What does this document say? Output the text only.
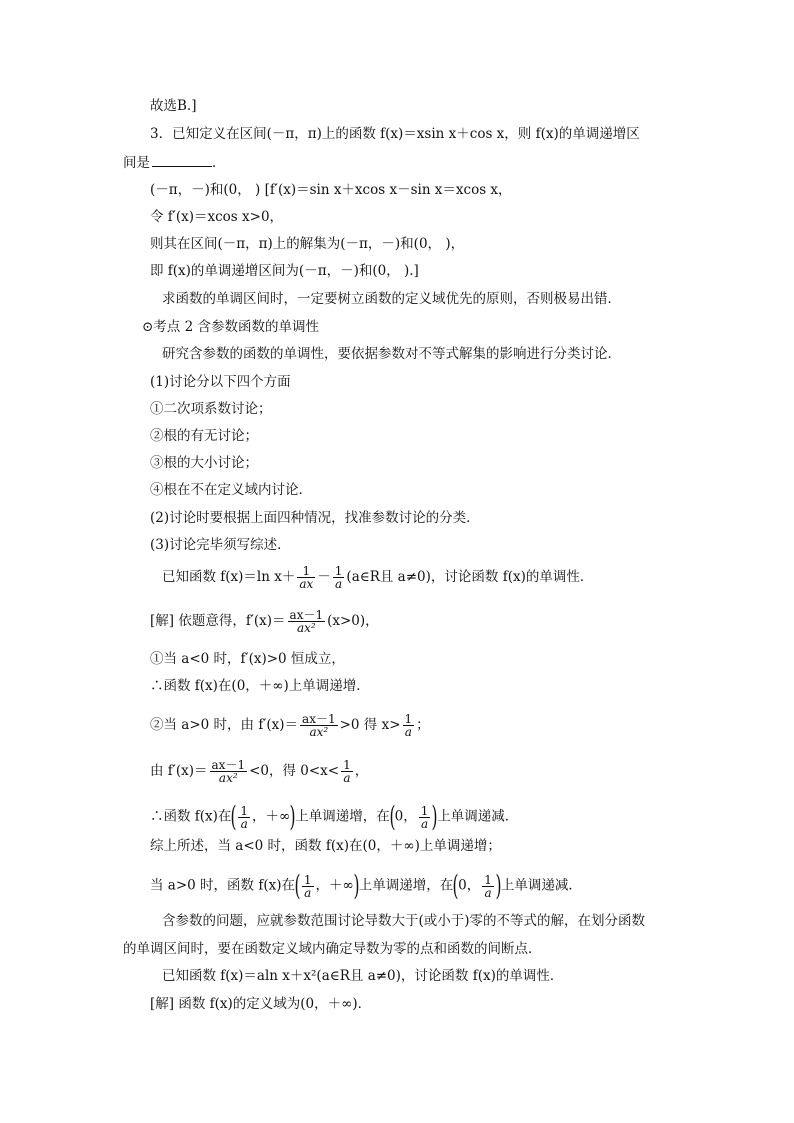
故选B.]
3．已知定义在区间(－π，π)上的函数 f(x)＝xsin x＋cos x，则 f(x)的单调递增区
间是	．
(－π，－)和(0， ) [f′(x)＝sin x＋xcos x－sin x＝xcos x，
令 f′(x)＝xcos x>0，
则其在区间(－π，π)上的解集为(－π，－)和(0， )，
即 f(x)的单调递增区间为(－π，－)和(0， ).]
求函数的单调区间时，一定要树立函数的定义域优先的原则，否则极易出错．
⊙考点 2 含参数函数的单调性
研究含参数的函数的单调性，要依据参数对不等式解集的影响进行分类讨论．
(1)讨论分以下四个方面
①二次项系数讨论；
②根的有无讨论；
③根的大小讨论；
④根在不在定义域内讨论．
(2)讨论时要根据上面四种情况，找准参数讨论的分类．
(3)讨论完毕须写综述．
已知函数 f(x)＝ln $x+ \frac{1}{ax} - \frac{1}{a}$ (a∈R且 a≠0)，讨论函数 f(x)的单调性．
[解] 依题意得，$f'(x)= \frac{ax-1}{\text{ax²}} (x>0)$，
①当 a<0 时，f′(x)>0 恒成立，
∴函数 f(x)在(0，＋∞)上单调递增．
②当 a>0 时，由 $f'(x)= \frac{ax-1}{\text{ax²}} >0$ 得 $x> \frac{1}{a}$ ；
由 $f'(x)= \frac{ax-1}{\text{ax²}} <0$，得 $0<x< \frac{1}{a}$ ，
∴函数 f(x)在( $\frac{1}{a}$ ，＋∞)上单调递增，在(0， $\frac{1}{a}$ )上单调递减．
综上所述，当 a<0 时，函数 f(x)在(0，＋∞)上单调递增；
当 a>0 时，函数 f(x)在( $\frac{1}{a}$ ，＋∞)上单调递增，在(0， $\frac{1}{a}$ )上单调递减．
含参数的问题，应就参数范围讨论导数大于(或小于)零的不等式的解，在划分函数
的单调区间时，要在函数定义域内确定导数为零的点和函数的间断点．
已知函数 f(x)＝aln x＋x²(a∈R且 a≠0)，讨论函数 f(x)的单调性．
[解] 函数 f(x)的定义域为(0，＋∞)．
